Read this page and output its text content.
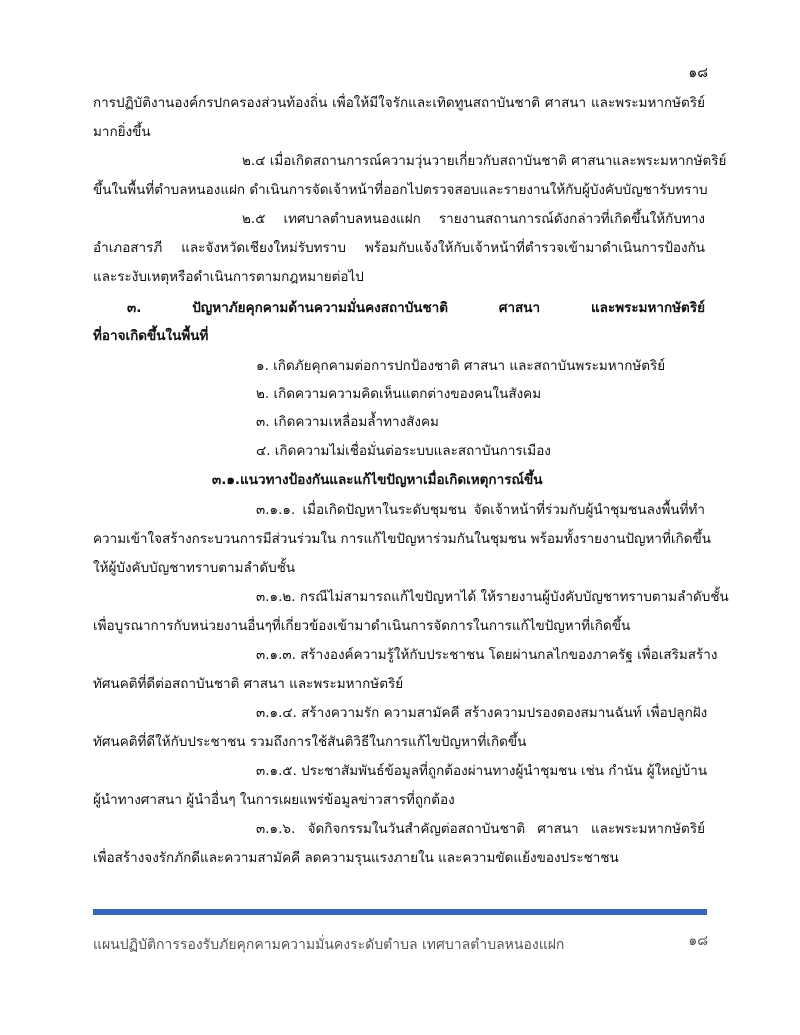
๑๘
การปฏิบัติงานองค์กรปกครองส่วนท้องถิ่น เพื่อให้มีใจรักและเทิดทูนสถาบันชาติ ศาสนา และพระมหากษัตริย์
มากยิ่งขึ้น
๒.๔ เมื่อเกิดสถานการณ์ความวุ่นวายเกี่ยวกับสถาบันชาติ ศาสนาและพระมหากษัตริย์
ขึ้นในพื้นที่ตำบลหนองแฝก ดำเนินการจัดเจ้าหน้าที่ออกไปตรวจสอบและรายงานให้กับผู้บังคับบัญชารับทราบ
๒.๕ เทศบาลตำบลหนองแฝก รายงานสถานการณ์ดังกล่าวที่เกิดขึ้นให้กับทาง
อำเภอสารภี และจังหวัดเชียงใหม่รับทราบ พร้อมกับแจ้งให้กับเจ้าหน้าที่ตำรวจเข้ามาดำเนินการป้องกัน
และระงับเหตุหรือดำเนินการตามกฎหมายต่อไป
๓. ปัญหาภัยคุกคามด้านความมั่นคงสถาบันชาติ ศาสนา และพระมหากษัตริย์
ที่อาจเกิดขึ้นในพื้นที่
๑. เกิดภัยคุกคามต่อการปกป้องชาติ ศาสนา และสถาบันพระมหากษัตริย์
๒. เกิดความความคิดเห็นแตกต่างของคนในสังคม
๓. เกิดความเหลื่อมล้ำทางสังคม
๔. เกิดความไม่เชื่อมั่นต่อระบบและสถาบันการเมือง
๓.๑.แนวทางป้องกันและแก้ไขปัญหาเมื่อเกิดเหตุการณ์ขึ้น
๓.๑.๑. เมื่อเกิดปัญหาในระดับชุมชน จัดเจ้าหน้าที่ร่วมกับผู้นำชุมชนลงพื้นที่ทำ
ความเข้าใจสร้างกระบวนการมีส่วนร่วมใน การแก้ไขปัญหาร่วมกันในชุมชน พร้อมทั้งรายงานปัญหาที่เกิดขึ้น
ให้ผู้บังคับบัญชาทราบตามลำดับชั้น
๓.๑.๒. กรณีไม่สามารถแก้ไขปัญหาได้ ให้รายงานผู้บังคับบัญชาทราบตามลำดับชั้น
เพื่อบูรณาการกับหน่วยงานอื่นๆที่เกี่ยวข้องเข้ามาดำเนินการจัดการในการแก้ไขปัญหาที่เกิดขึ้น
๓.๑.๓. สร้างองค์ความรู้ให้กับประชาชน โดยผ่านกลไกของภาครัฐ เพื่อเสริมสร้าง
ทัศนคติที่ดีต่อสถาบันชาติ ศาสนา และพระมหากษัตริย์
๓.๑.๔. สร้างความรัก ความสามัคคี สร้างความปรองดองสมานฉันท์ เพื่อปลูกฝัง
ทัศนคติที่ดีให้กับประชาชน รวมถึงการใช้สันติวิธีในการแก้ไขปัญหาที่เกิดขึ้น
๓.๑.๕. ประชาสัมพันธ์ข้อมูลที่ถูกต้องผ่านทางผู้นำชุมชน เช่น กำนัน ผู้ใหญ่บ้าน
ผู้นำทางศาสนา ผู้นำอื่นๆ ในการเผยแพร่ข้อมูลข่าวสารที่ถูกต้อง
๓.๑.๖. จัดกิจกรรมในวันสำคัญต่อสถาบันชาติ ศาสนา และพระมหากษัตริย์
เพื่อสร้างจงรักภักดีและความสามัคคี ลดความรุนแรงภายใน และความขัดแย้งของประชาชน
แผนปฏิบัติการรองรับภัยคุกคามความมั่นคงระดับตำบล เทศบาลตำบลหนองแฝก	๑๘
